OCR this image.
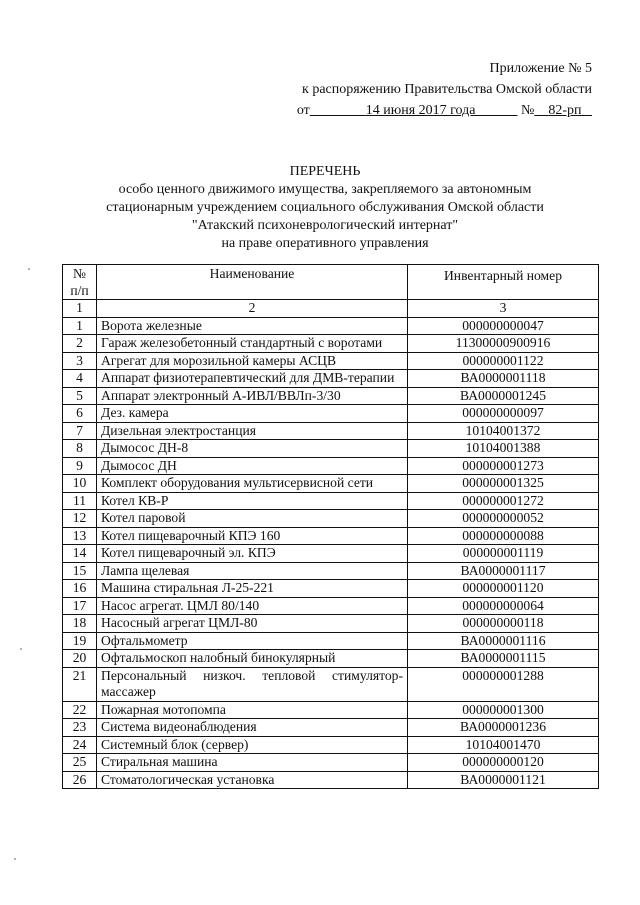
Приложение № 5
к распоряжению Правительства Омской области
от	14 июня 2017 года	№ 82-рп
ПЕРЕЧЕНЬ
особо ценного движимого имущества, закрепляемого за автономным
стационарным учреждением социального обслуживания Омской области
"Атакский психоневрологический интернат"
на праве оперативного управления
№
п/п	Наименование	Инвентарный номер
1	2	3
1	Ворота железные	000000000047
2	Гараж железобетонный стандартный с воротами	11300000900916
3	Агрегат для морозильной камеры АСЦВ	000000001122
4	Аппарат физиотерапевтический для ДМВ-терапии	ВА0000001118
5	Аппарат электронный А-ИВЛ/ВВЛп-3/30	ВА0000001245
6	Дез. камера	000000000097
7	Дизельная электростанция	10104001372
8	Дымосос ДН-8	10104001388
9	Дымосос ДН	000000001273
10	Комплект оборудования мультисервисной сети	000000001325
11	Котел КВ-Р	000000001272
12	Котел паровой	000000000052
13	Котел пищеварочный КПЭ 160	000000000088
14	Котел пищеварочный эл. КПЭ	000000001119
15	Лампа щелевая	ВА0000001117
16	Машина стиральная Л-25-221	000000001120
17	Насос агрегат. ЦМЛ 80/140	000000000064
18	Насосный агрегат ЦМЛ-80	000000000118
19	Офтальмометр	ВА0000001116
20	Офтальмоскоп налобный бинокулярный	ВА0000001115
21	Персональный низкоч. тепловой стимулятор-массажер	000000001288
22	Пожарная мотопомпа	000000001300
23	Система видеонаблюдения	ВА0000001236
24	Системный блок (сервер)	10104001470
25	Стиральная машина	000000000120
26	Стоматологическая установка	ВА0000001121
